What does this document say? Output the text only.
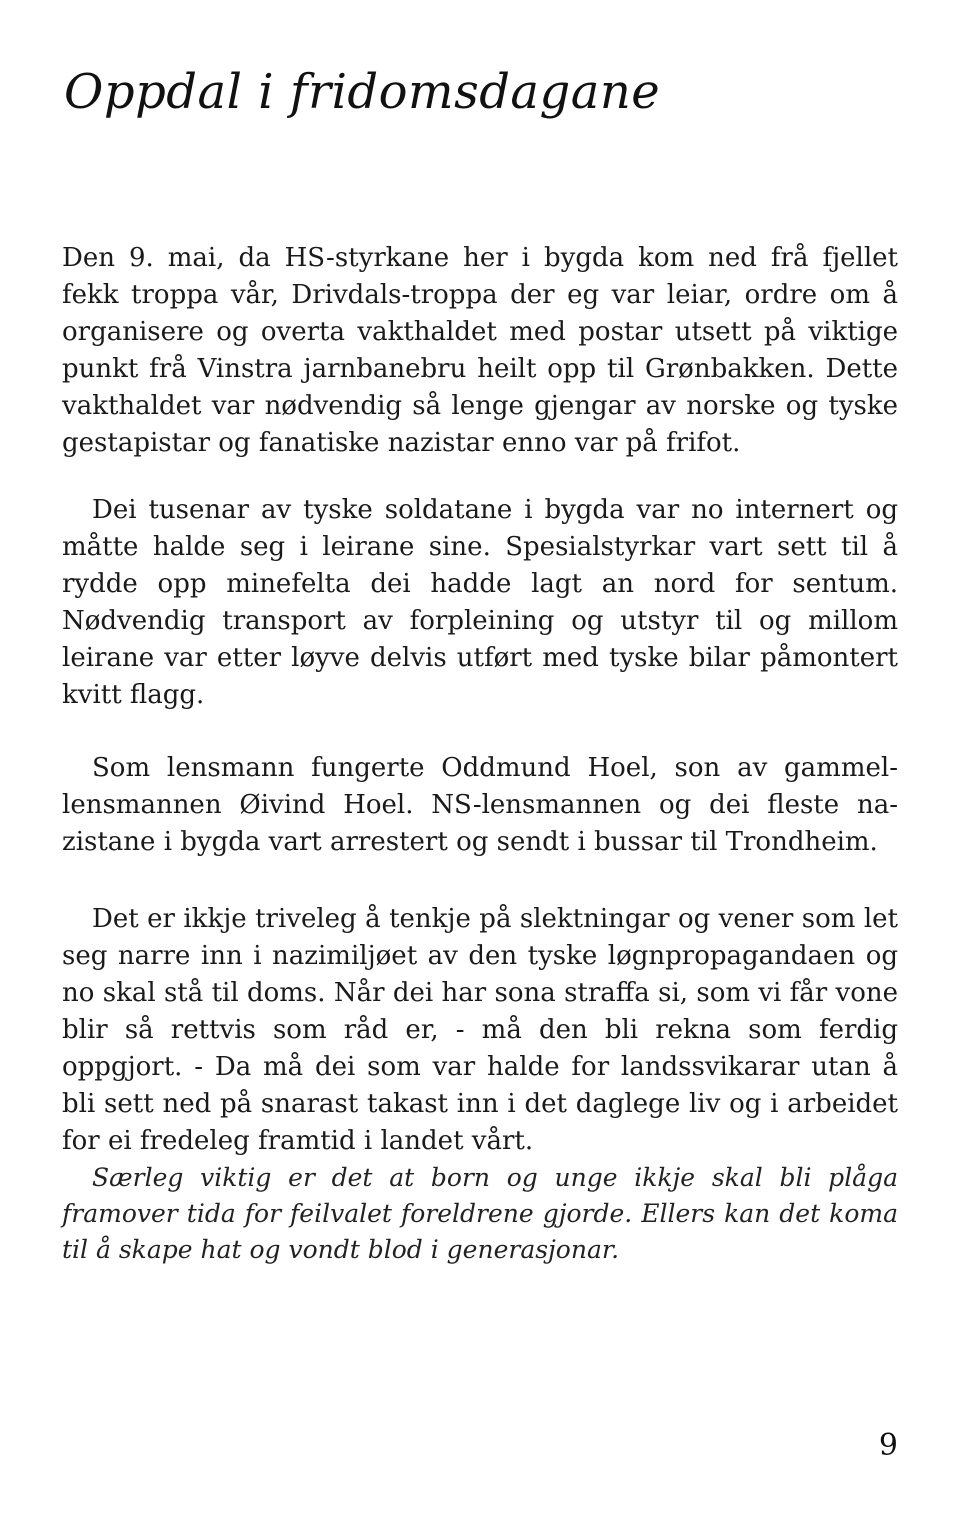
Oppdal i fridomsdagane

Den 9. mai, da HS-styrkane her i bygda kom ned frå fjellet fekk troppa vår, Drivdals-troppa der eg var leiar, ordre om å organisere og overta vakthaldet med postar utsett på viktige punkt frå Vinstra jarnbanebru heilt opp til Grønbakken. Dette vakthaldet var nødvendig så lenge gjengar av norske og tyske gestapistar og fanatiske nazistar enno var på frifot.

Dei tusenar av tyske soldatane i bygda var no internert og måtte halde seg i leirane sine. Spesialstyrkar vart sett til å rydde opp minefelta dei hadde lagt an nord for sentum. Nødvendig transport av forpleining og utstyr til og millom leirane var etter løyve delvis utført med tyske bilar påmontert kvitt flagg.

Som lensmann fungerte Oddmund Hoel, son av gammellensmannen Øivind Hoel. NS-lensmannen og dei fleste nazistane i bygda vart arrestert og sendt i bussar til Trondheim.

Det er ikkje triveleg å tenkje på slektningar og vener som let seg narre inn i nazimiljøet av den tyske løgnpropagandaen og no skal stå til doms. Når dei har sona straffa si, som vi får vone blir så rettvis som råd er, - må den bli rekna som ferdig oppgjort. - Da må dei som var halde for landssvikarar utan å bli sett ned på snarast takast inn i det daglege liv og i arbeidet for ei fredeleg framtid i landet vårt.

Særleg viktig er det at born og unge ikkje skal bli plåga framover tida for feilvalet foreldrene gjorde. Ellers kan det koma til å skape hat og vondt blod i generasjonar.

9
